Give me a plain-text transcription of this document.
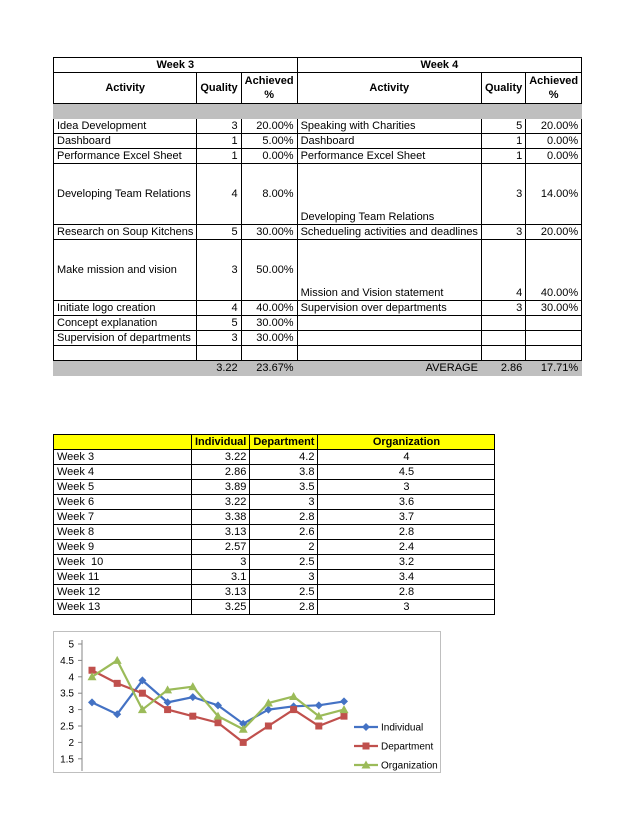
Week 3			Week 4		
Activity	Quality	Achieved %	Activity	Quality	Achieved %

Idea Development	3	20.00%	Speaking with Charities	5	20.00%
Dashboard	1	5.00%	Dashboard	1	0.00%
Performance Excel Sheet	1	0.00%	Performance Excel Sheet	1	0.00%
Developing Team Relations	4	8.00%	Developing Team Relations	3	14.00%
Research on Soup Kitchens	5	30.00%	Schedueling activities and deadlines	3	20.00%
Make mission and vision	3	50.00%	Mission and Vision statement	4	40.00%
Initiate logo creation	4	40.00%	Supervision over departments	3	30.00%
Concept explanation	5	30.00%			
Supervision of departments	3	30.00%			

	3.22	23.67%	AVERAGE	2.86	17.71%
	Individual	Department	Organization
Week 3	3.22	4.2	4
Week 4	2.86	3.8	4.5
Week 5	3.89	3.5	3
Week 6	3.22	3	3.6
Week 7	3.38	2.8	3.7
Week 8	3.13	2.6	2.8
Week 9	2.57	2	2.4
Week  10	3	2.5	3.2
Week 11	3.1	3	3.4
Week 12	3.13	2.5	2.8
Week 13	3.25	2.8	3
5
4.5
4
3.5
3
2.5
2
1.5
Individual
Department
Organization
